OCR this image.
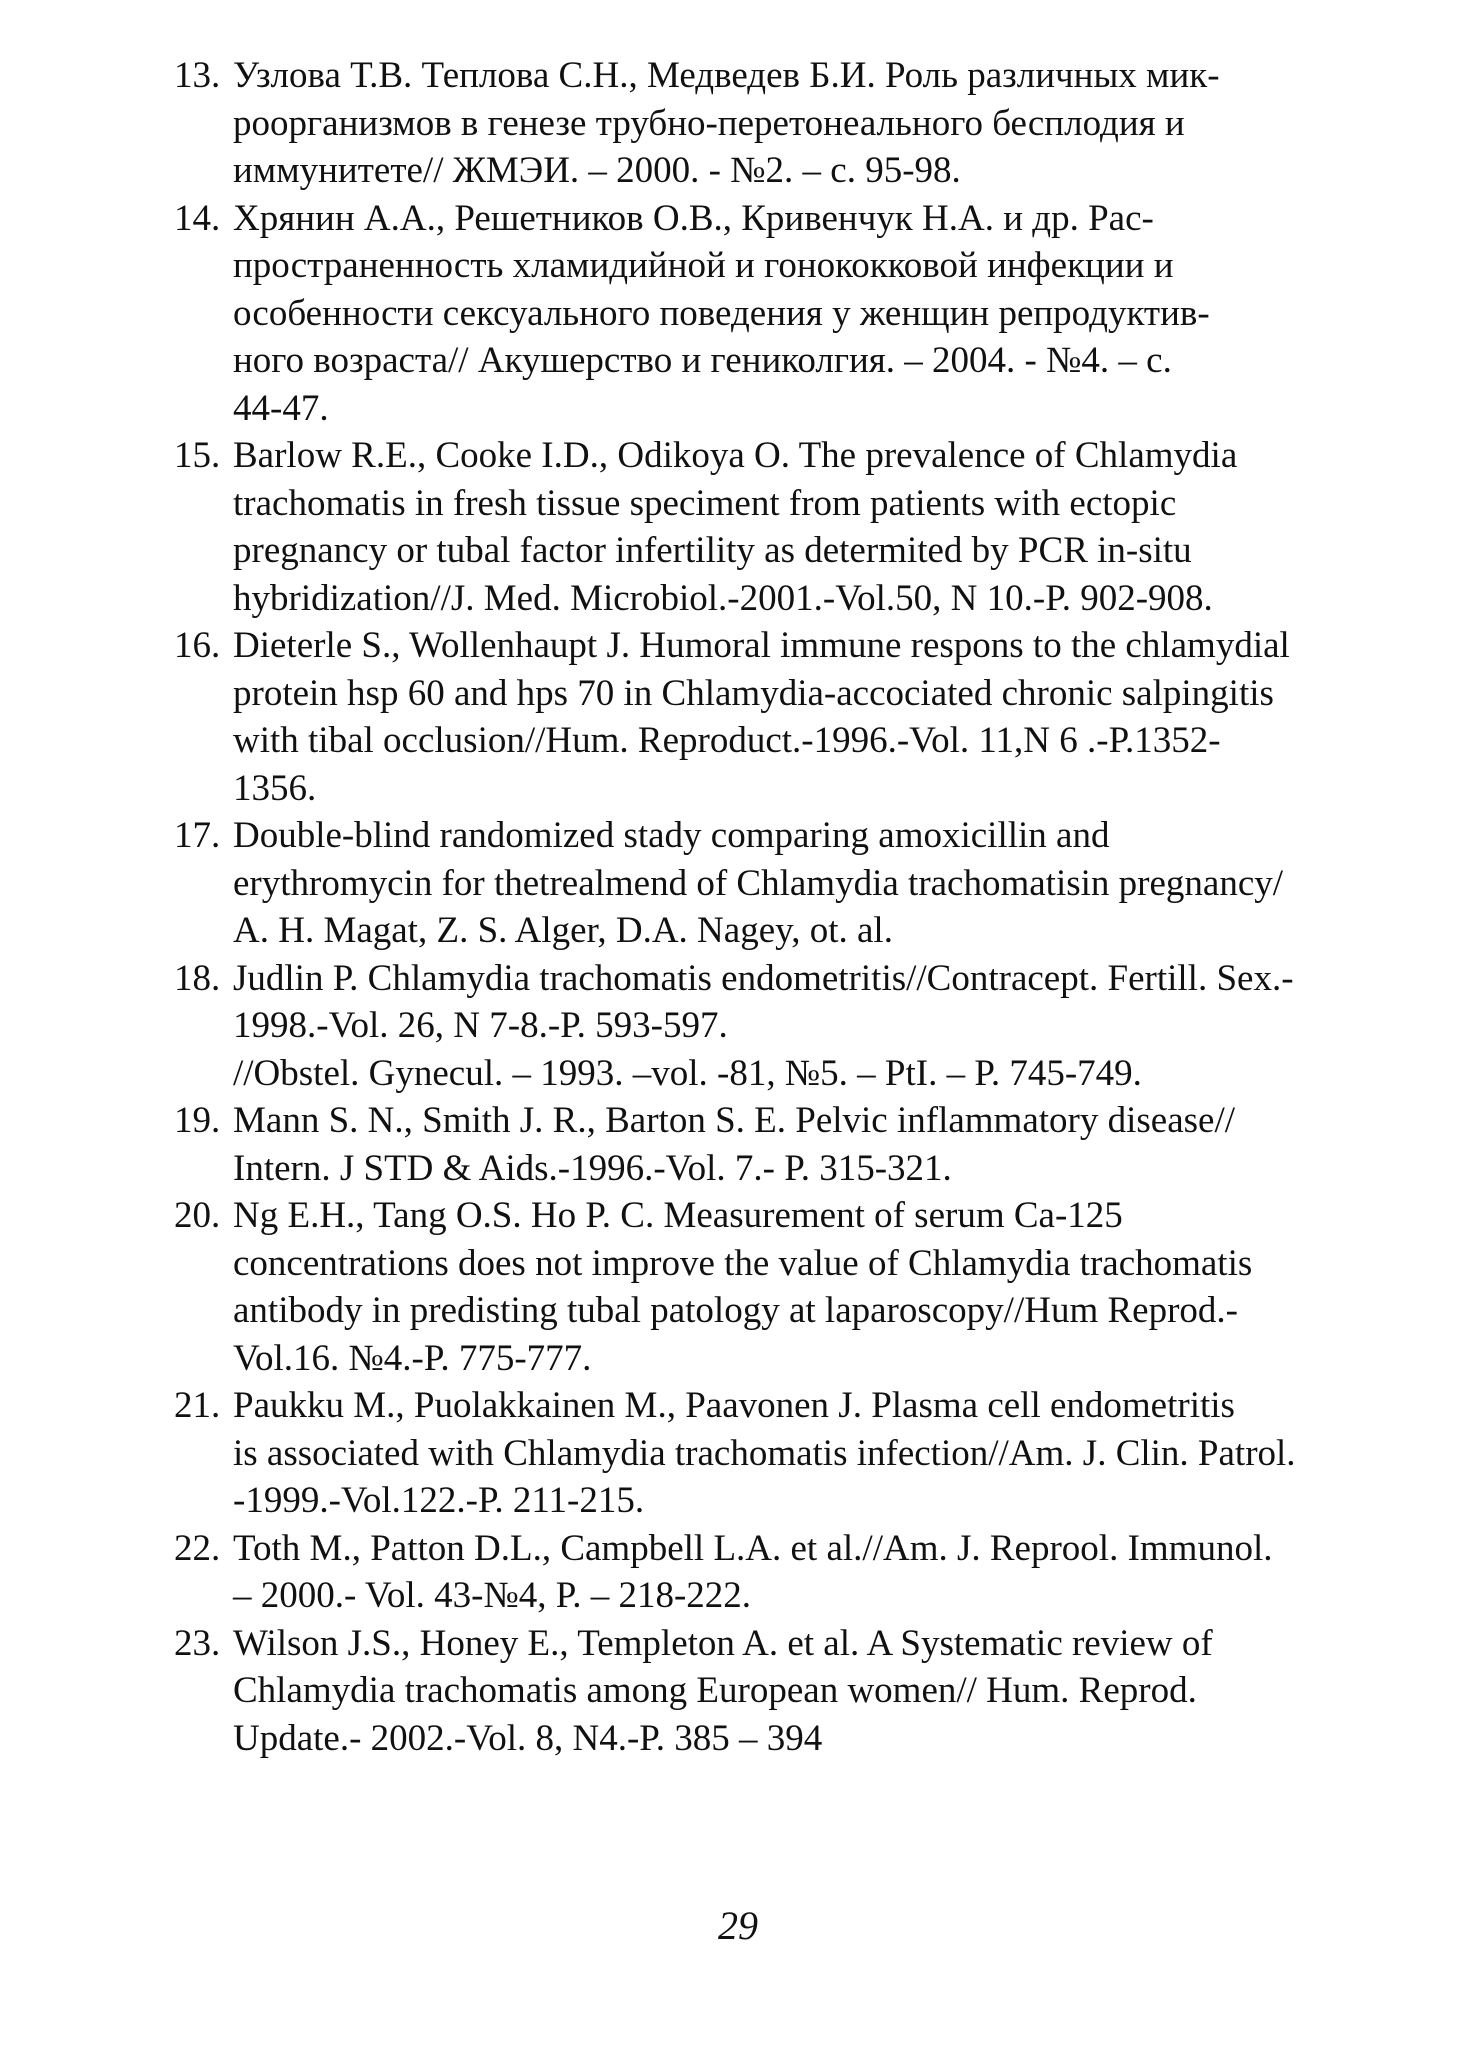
13. Узлова Т.В. Теплова С.Н., Медведев Б.И. Роль различных мик-
роорганизмов в генезе трубно-перетонеального бесплодия и
иммунитете// ЖМЭИ. – 2000. - №2. – с. 95-98.
14. Хрянин А.А., Решетников О.В., Кривенчук Н.А. и др. Рас-
пространенность хламидийной и гонококковой инфекции и
особенности сексуального поведения у женщин репродуктив-
ного возраста// Акушерство и гениколгия. – 2004. - №4. – с.
44-47.
15. Barlow R.E., Cooke I.D., Odikoya O. The prevalence of Chlamydia
trachomatis in fresh tissue speciment from patients with ectopic
pregnancy or tubal factor infertility as determited by PCR in-situ
hybridization//J. Med. Microbiol.-2001.-Vol.50, N 10.-P. 902-908.
16. Dieterle S., Wollenhaupt J. Humoral immune respons to the chlamydial
protein hsp 60 and hps 70 in Chlamydia-accociated chronic salpingitis
with tibal occlusion//Hum. Reproduct.-1996.-Vol. 11,N 6 .-P.1352-
1356.
17. Double-blind randomized stady comparing amoxicillin and
erythromycin for thetrealmend of Chlamydia trachomatisin pregnancy/
A. H. Magat, Z. S. Alger, D.A. Nagey, ot. al.
18. Judlin P. Chlamydia trachomatis endometritis//Contracept. Fertill. Sex.-
1998.-Vol. 26, N 7-8.-P. 593-597.
//Obstel. Gynecul. – 1993. –vol. -81, №5. – PtI. – P. 745-749.
19. Mann S. N., Smith J. R., Barton S. E. Pelvic inflammatory disease//
Intern. J STD & Aids.-1996.-Vol. 7.- P. 315-321.
20. Ng E.H., Tang O.S. Ho P. C. Measurement of serum Ca-125
concentrations does not improve the value of Chlamydia trachomatis
antibody in predisting tubal patology at laparoscopy//Hum Reprod.-
Vol.16. №4.-P. 775-777.
21. Paukku M., Puolakkainen M., Paavonen J. Plasma cell endometritis
is associated with Chlamydia trachomatis infection//Am. J. Clin. Patrol.
-1999.-Vol.122.-P. 211-215.
22. Toth M., Patton D.L., Campbell L.A. et al.//Am. J. Reprool. Immunol.
– 2000.- Vol. 43-№4, P. – 218-222.
23. Wilson J.S., Honey E., Templeton A. et al. A Systematic review of
Chlamydia trachomatis among European women// Hum. Reprod.
Update.- 2002.-Vol. 8, N4.-P. 385 – 394
29
